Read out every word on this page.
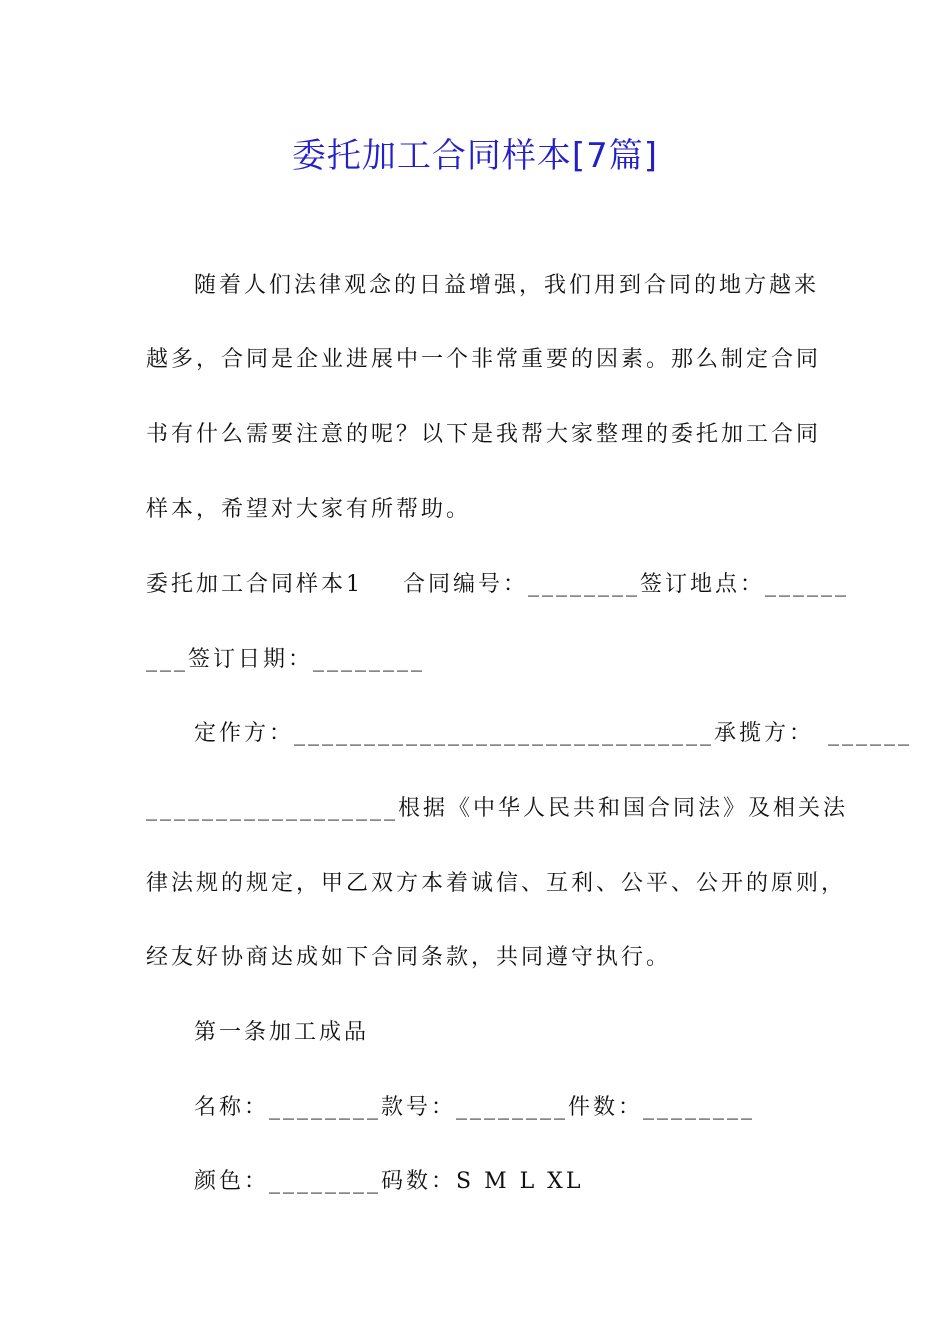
委托加工合同样本[7篇]
随着人们法律观念的日益增强，我们用到合同的地方越来
越多，合同是企业进展中一个非常重要的因素。那么制定合同
书有什么需要注意的呢？以下是我帮大家整理的委托加工合同
样本，希望对大家有所帮助。
委托加工合同样本1 合同编号：________签订地点：______
___签订日期：________
定作方：______________________________承揽方：　______
__________________根据《中华人民共和国合同法》及相关法
律法规的规定，甲乙双方本着诚信、互利、公平、公开的原则，
经友好协商达成如下合同条款，共同遵守执行。
第一条加工成品
名称：________款号：________件数：________
颜色：________码数：S M L XL
